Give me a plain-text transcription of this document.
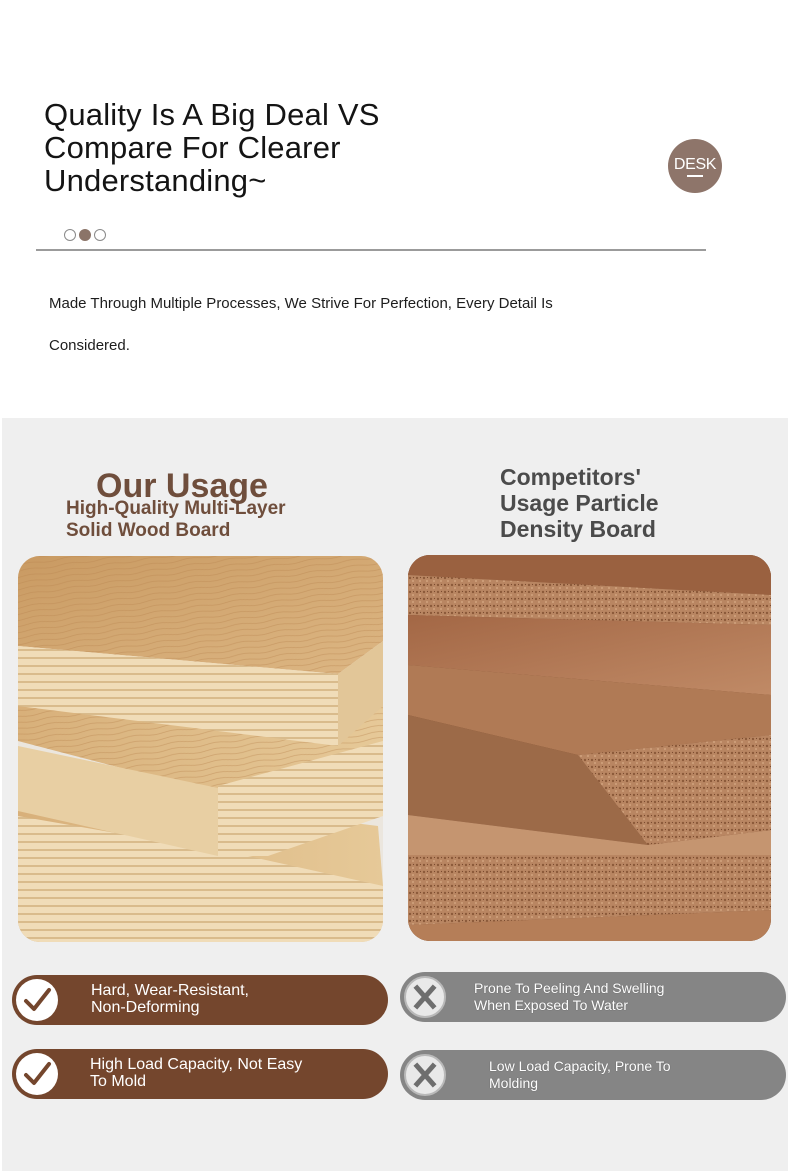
Quality Is A Big Deal VS
Compare For Clearer
Understanding~	DESK

Made Through Multiple Processes, We Strive For Perfection, Every Detail Is
Considered.

Our Usage
High-Quality Multi-Layer
Solid Wood Board
Competitors'
Usage Particle
Density Board
Hard, Wear-Resistant,
Non-Deforming
High Load Capacity, Not Easy
To Mold
Prone To Peeling And Swelling
When Exposed To Water
Low Load Capacity, Prone To
Molding
